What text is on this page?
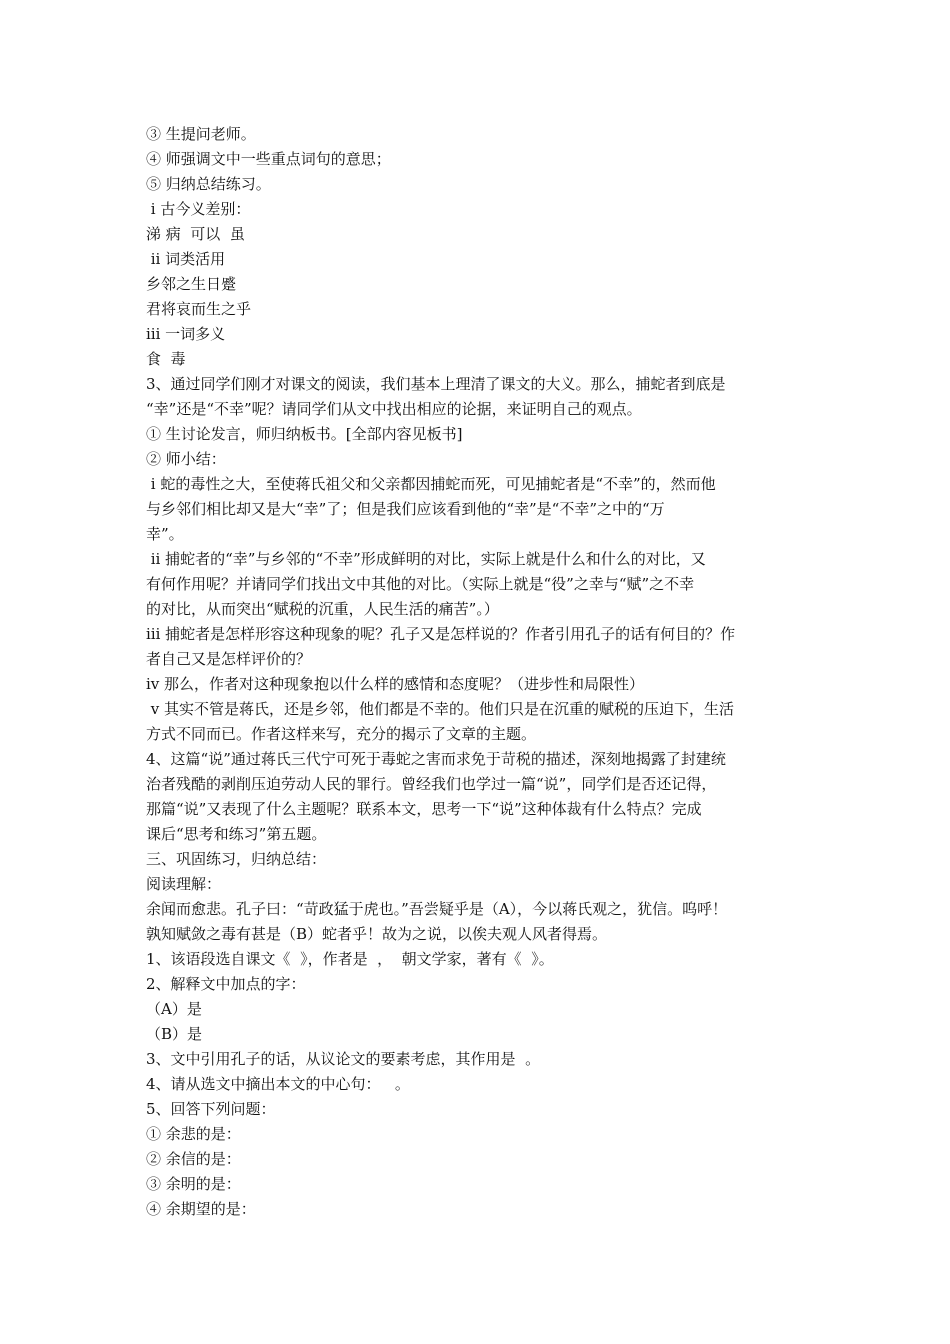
③ 生提问老师。
④ 师强调文中一些重点词句的意思；
⑤ 归纳总结练习。
ⅰ 古今义差别：
涕 病  可以  虽
ⅱ 词类活用
乡邻之生日蹙
君将哀而生之乎
ⅲ 一词多义
食  毒
3、通过同学们刚才对课文的阅读，我们基本上理清了课文的大义。那么，捕蛇者到底是
“幸”还是“不幸”呢？请同学们从文中找出相应的论据，来证明自己的观点。
① 生讨论发言，师归纳板书。[全部内容见板书]
② 师小结：
ⅰ 蛇的毒性之大，至使蒋氏祖父和父亲都因捕蛇而死，可见捕蛇者是“不幸”的，然而他
与乡邻们相比却又是大“幸”了；但是我们应该看到他的“幸”是“不幸”之中的“万
幸”。
ⅱ 捕蛇者的“幸”与乡邻的“不幸”形成鲜明的对比，实际上就是什么和什么的对比，又
有何作用呢？并请同学们找出文中其他的对比。（实际上就是“役”之幸与“赋”之不幸
的对比，从而突出“赋税的沉重，人民生活的痛苦”。）
ⅲ 捕蛇者是怎样形容这种现象的呢？孔子又是怎样说的？作者引用孔子的话有何目的？作
者自己又是怎样评价的？
ⅳ 那么，作者对这种现象抱以什么样的感情和态度呢？（进步性和局限性）
ⅴ 其实不管是蒋氏，还是乡邻，他们都是不幸的。他们只是在沉重的赋税的压迫下，生活
方式不同而已。作者这样来写，充分的揭示了文章的主题。
4、这篇“说”通过蒋氏三代宁可死于毒蛇之害而求免于苛税的描述，深刻地揭露了封建统
治者残酷的剥削压迫劳动人民的罪行。曾经我们也学过一篇“说”，同学们是否还记得，
那篇“说”又表现了什么主题呢？联系本文，思考一下“说”这种体裁有什么特点？完成
课后“思考和练习”第五题。
三、巩固练习，归纳总结：
阅读理解：
余闻而愈悲。孔子曰：“苛政猛于虎也。”吾尝疑乎是（A），今以蒋氏观之，犹信。呜呼！
孰知赋敛之毒有甚是（B）蛇者乎！故为之说，以俟夫观人风者得焉。
1、该语段选自课文《  》，作者是  ，  朝文学家，著有《  》。
2、解释文中加点的字：
（A）是
（B）是
3、文中引用孔子的话，从议论文的要素考虑，其作用是  。
4、请从选文中摘出本文的中心句：   。
5、回答下列问题：
① 余悲的是：
② 余信的是：
③ 余明的是：
④ 余期望的是：
